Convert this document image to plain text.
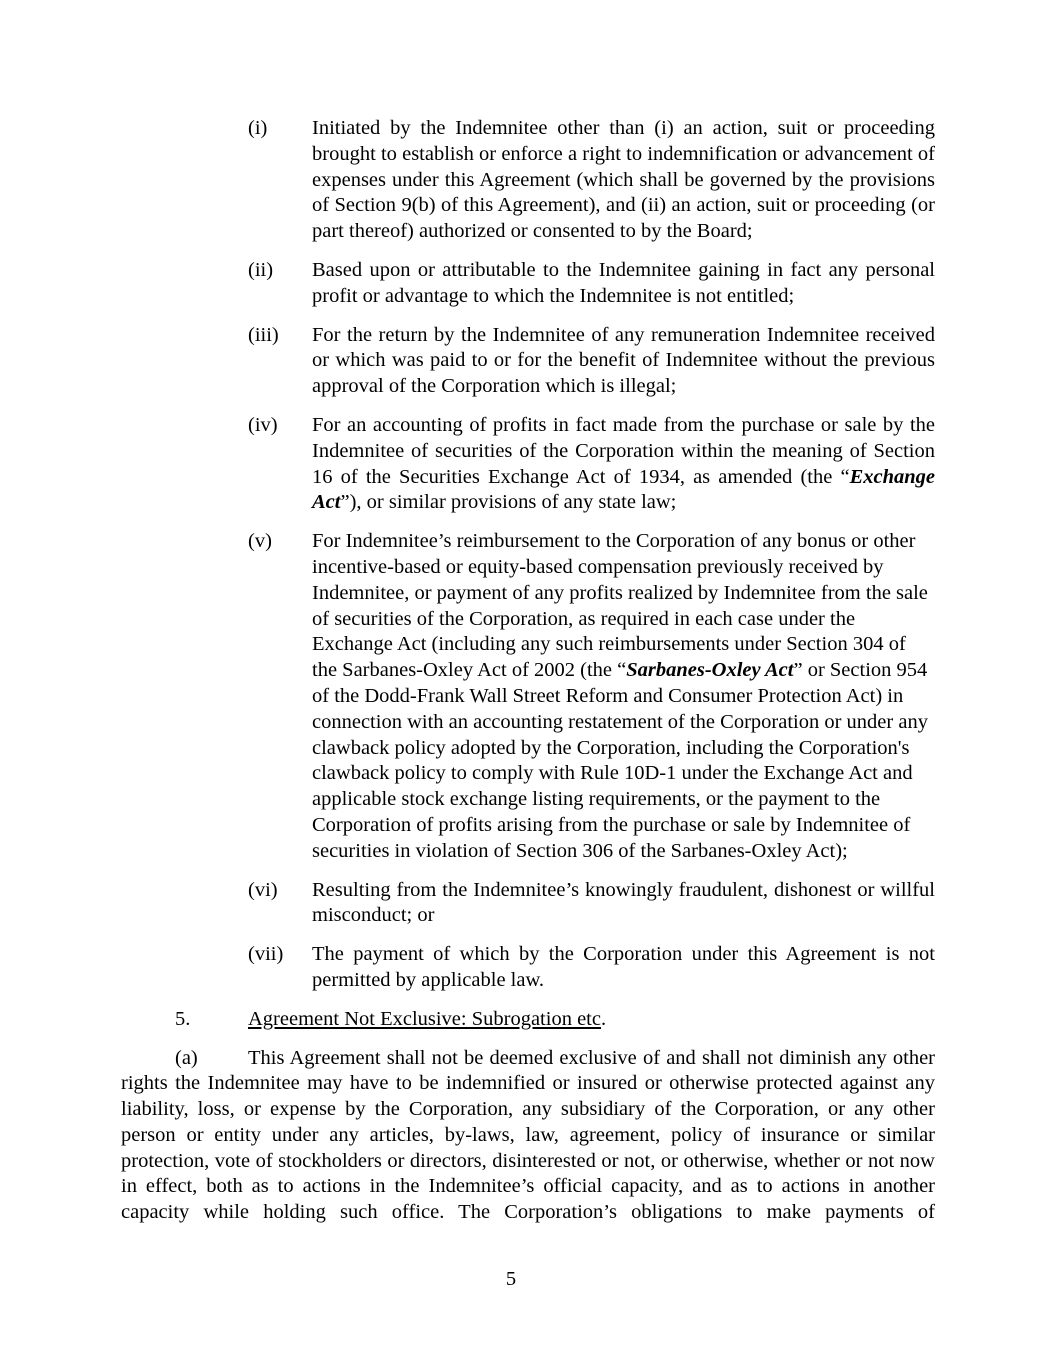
(i)	Initiated by the Indemnitee other than (i) an action, suit or proceeding brought to establish or enforce a right to indemnification or advancement of expenses under this Agreement (which shall be governed by the provisions of Section 9(b) of this Agreement), and (ii) an action, suit or proceeding (or part thereof) authorized or consented to by the Board;
(ii)	Based upon or attributable to the Indemnitee gaining in fact any personal profit or advantage to which the Indemnitee is not entitled;
(iii)	For the return by the Indemnitee of any remuneration Indemnitee received or which was paid to or for the benefit of Indemnitee without the previous approval of the Corporation which is illegal;
(iv)	For an accounting of profits in fact made from the purchase or sale by the Indemnitee of securities of the Corporation within the meaning of Section 16 of the Securities Exchange Act of 1934, as amended (the “Exchange Act”), or similar provisions of any state law;
(v)	For Indemnitee’s reimbursement to the Corporation of any bonus or other incentive-based or equity-based compensation previously received by Indemnitee, or payment of any profits realized by Indemnitee from the sale of securities of the Corporation, as required in each case under the Exchange Act (including any such reimbursements under Section 304 of the Sarbanes-Oxley Act of 2002 (the “Sarbanes-Oxley Act” or Section 954 of the Dodd-Frank Wall Street Reform and Consumer Protection Act) in connection with an accounting restatement of the Corporation or under any clawback policy adopted by the Corporation, including the Corporation's clawback policy to comply with Rule 10D-1 under the Exchange Act and applicable stock exchange listing requirements, or the payment to the Corporation of profits arising from the purchase or sale by Indemnitee of securities in violation of Section 306 of the Sarbanes-Oxley Act);
(vi)	Resulting from the Indemnitee’s knowingly fraudulent, dishonest or willful misconduct; or
(vii)	The payment of which by the Corporation under this Agreement is not permitted by applicable law.

5.	Agreement Not Exclusive: Subrogation etc.

(a) This Agreement shall not be deemed exclusive of and shall not diminish any other rights the Indemnitee may have to be indemnified or insured or otherwise protected against any liability, loss, or expense by the Corporation, any subsidiary of the Corporation, or any other person or entity under any articles, by-laws, law, agreement, policy of insurance or similar protection, vote of stockholders or directors, disinterested or not, or otherwise, whether or not now in effect, both as to actions in the Indemnitee’s official capacity, and as to actions in another capacity while holding such office. The Corporation’s obligations to make payments of

5
